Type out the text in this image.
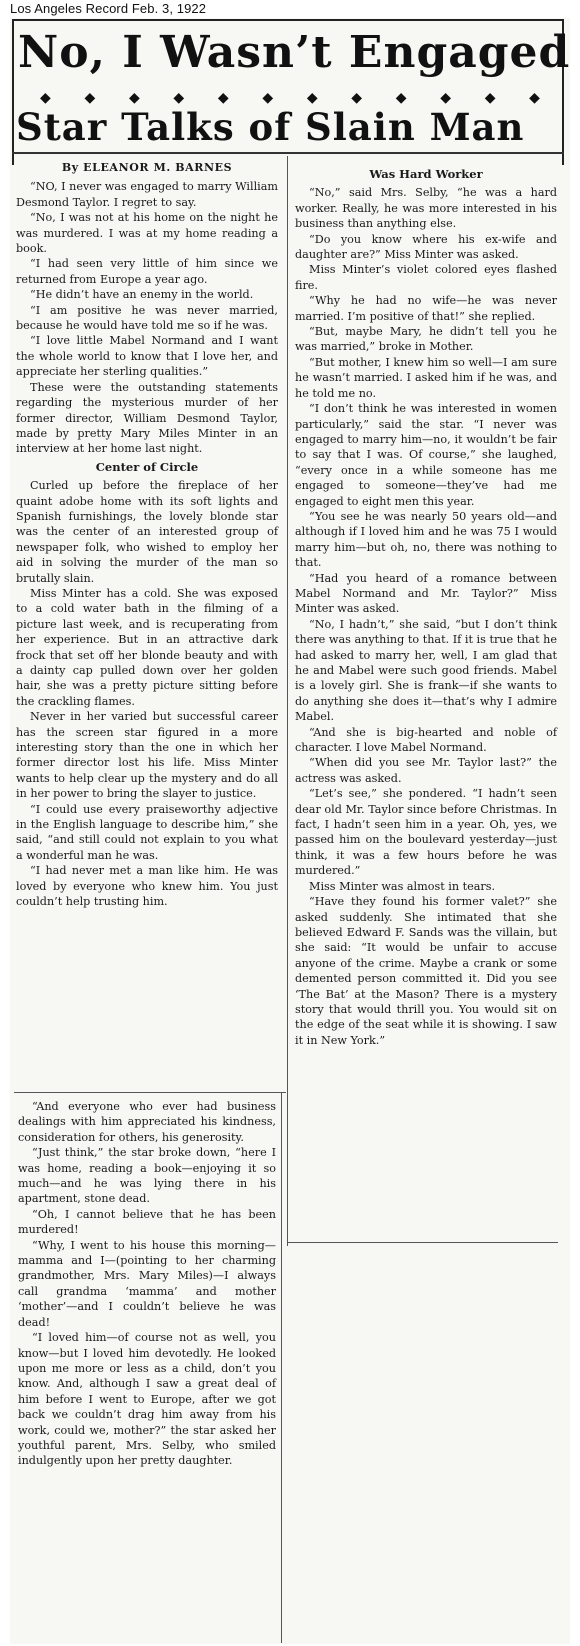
Los Angeles Record Feb. 3, 1922
No, I Wasn’t Engaged
◆ ◆ ◆ ◆ ◆ ◆ ◆ ◆ ◆ ◆ ◆ ◆
Star Talks of Slain Man
By ELEANOR M. BARNES

“NO, I never was engaged to marry William Desmond Taylor. I regret to say.

“No, I was not at his home on the night he was murdered. I was at my home reading a book.

“I had seen very little of him since we returned from Europe a year ago.

“He didn’t have an enemy in the world.

“I am positive he was never married, because he would have told me so if he was.

“I love little Mabel Normand and I want the whole world to know that I love her, and appreciate her sterling qualities.”

These were the outstanding statements regarding the mysterious murder of her former director, William Desmond Taylor, made by pretty Mary Miles Minter in an interview at her home last night.

Center of Circle

Curled up before the fireplace of her quaint adobe home with its soft lights and Spanish furnishings, the lovely blonde star was the center of an interested group of newspaper folk, who wished to employ her aid in solving the murder of the man so brutally slain.

Miss Minter has a cold. She was exposed to a cold water bath in the filming of a picture last week, and is recuperating from her experience. But in an attractive dark frock that set off her blonde beauty and with a dainty cap pulled down over her golden hair, she was a pretty picture sitting before the crackling flames.

Never in her varied but successful career has the screen star figured in a more interesting story than the one in which her former director lost his life. Miss Minter wants to help clear up the mystery and do all in her power to bring the slayer to justice.

“I could use every praiseworthy adjective in the English language to describe him,” she said, “and still could not explain to you what a wonderful man he was.

“I had never met a man like him. He was loved by everyone who knew him. You just couldn’t help trusting him.

“And everyone who ever had business dealings with him appreciated his kindness, consideration for others, his generosity.

“Just think,” the star broke down, “here I was home, reading a book—enjoying it so much—and he was lying there in his apartment, stone dead.

“Oh, I cannot believe that he has been murdered!

“Why, I went to his house this morning—mamma and I—(pointing to her charming grandmother, Mrs. Mary Miles)—I always call grandma ‘mamma’ and mother ‘mother’—and I couldn’t believe he was dead!

“I loved him—of course not as well, you know—but I loved him devotedly. He looked upon me more or less as a child, don’t you know. And, although I saw a great deal of him before I went to Europe, after we got back we couldn’t drag him away from his work, could we, mother?” the star asked her youthful parent, Mrs. Selby, who smiled indulgently upon her pretty daughter.

Was Hard Worker

“No,” said Mrs. Selby, “he was a hard worker. Really, he was more interested in his business than anything else.

“Do you know where his ex-wife and daughter are?” Miss Minter was asked.

Miss Minter’s violet colored eyes flashed fire.

“Why he had no wife—he was never married. I’m positive of that!” she replied.

“But, maybe Mary, he didn’t tell you he was married,” broke in Mother.

“But mother, I knew him so well—I am sure he wasn’t married. I asked him if he was, and he told me no.

“I don’t think he was interested in women particularly,” said the star. “I never was engaged to marry him—no, it wouldn’t be fair to say that I was. Of course,” she laughed, “every once in a while someone has me engaged to someone—they’ve had me engaged to eight men this year.

“You see he was nearly 50 years old—and although if I loved him and he was 75 I would marry him—but oh, no, there was nothing to that.

“Had you heard of a romance between Mabel Normand and Mr. Taylor?” Miss Minter was asked.

“No, I hadn’t,” she said, “but I don’t think there was anything to that. If it is true that he had asked to marry her, well, I am glad that he and Mabel were such good friends. Mabel is a lovely girl. She is frank—if she wants to do anything she does it—that’s why I admire Mabel.

“And she is big-hearted and noble of character. I love Mabel Normand.

“When did you see Mr. Taylor last?” the actress was asked.

“Let’s see,” she pondered. “I hadn’t seen dear old Mr. Taylor since before Christmas. In fact, I hadn’t seen him in a year. Oh, yes, we passed him on the boulevard yesterday—just think, it was a few hours before he was murdered.”

Miss Minter was almost in tears.

“Have they found his former valet?” she asked suddenly. She intimated that she believed Edward F. Sands was the villain, but she said: “It would be unfair to accuse anyone of the crime. Maybe a crank or some demented person committed it. Did you see ‘The Bat’ at the Mason? There is a mystery story that would thrill you. You would sit on the edge of the seat while it is showing. I saw it in New York.”
